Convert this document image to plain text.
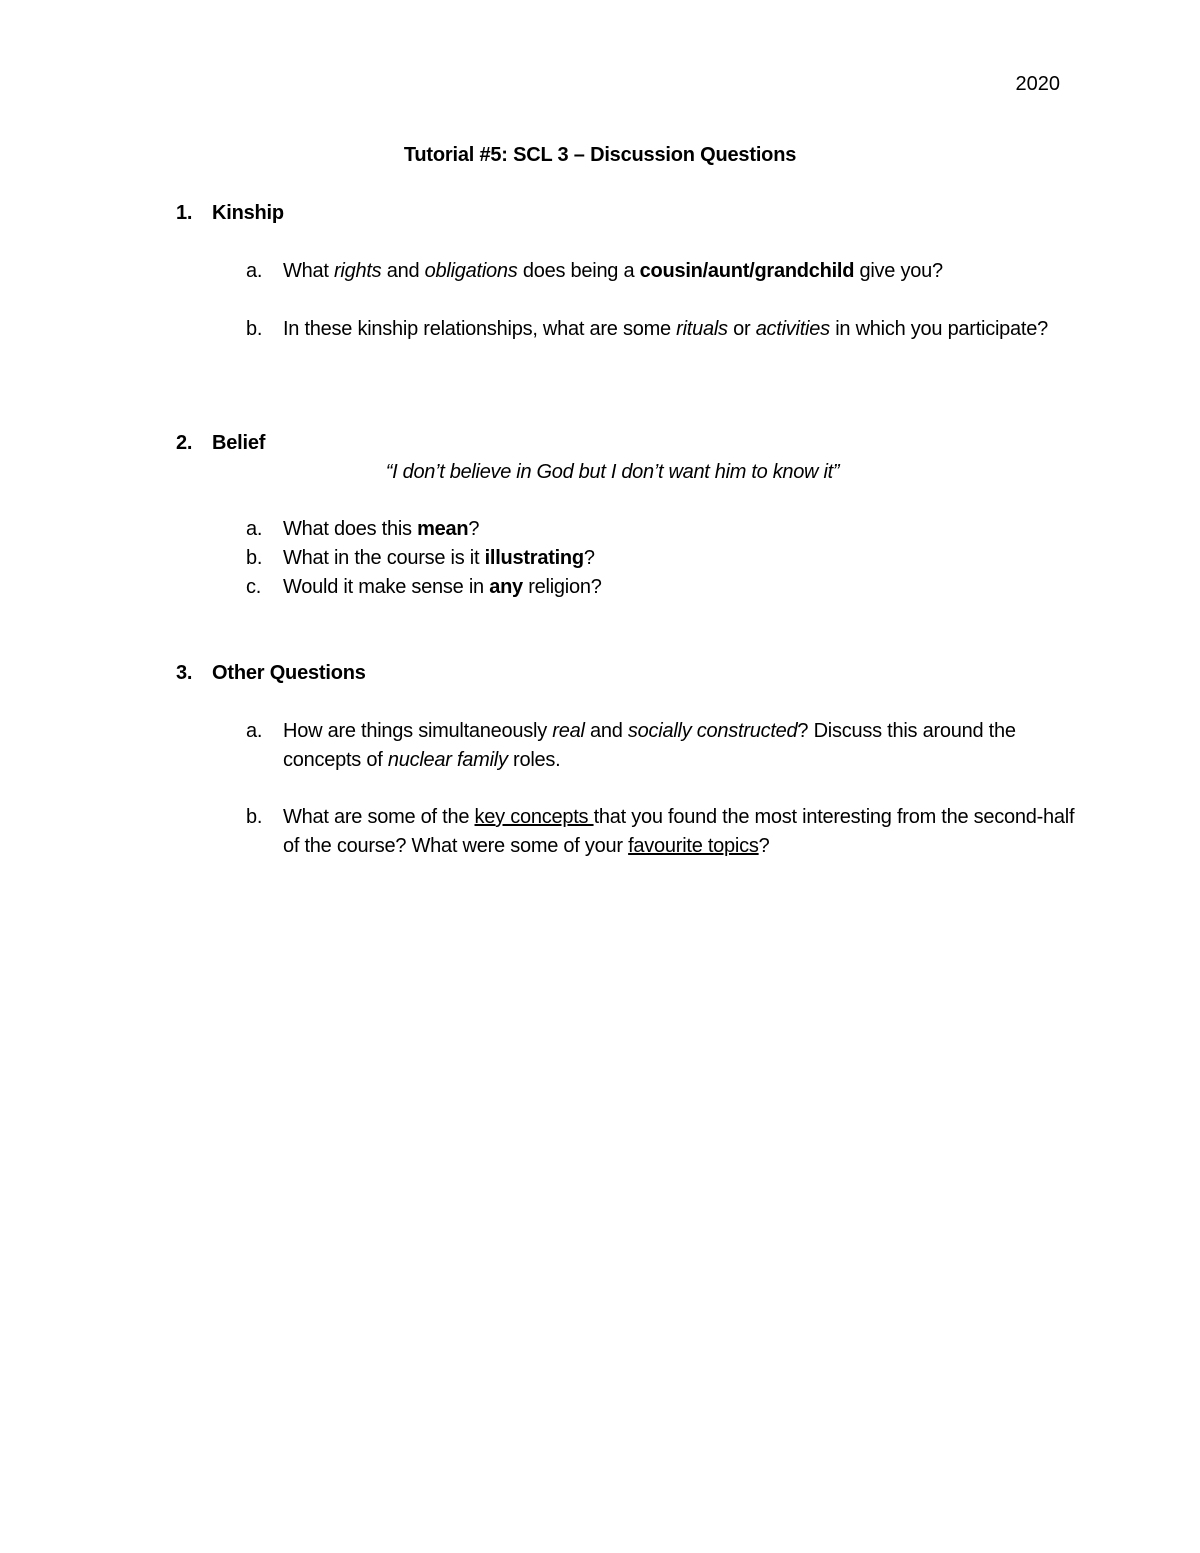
2020
Tutorial #5: SCL 3 – Discussion Questions
1. Kinship
a.	What rights and obligations does being a cousin/aunt/grandchild give you?
b.	In these kinship relationships, what are some rituals or activities in which you participate?
2. Belief
“I don’t believe in God but I don’t want him to know it”
a.	What does this mean?
b.	What in the course is it illustrating?
c.	Would it make sense in any religion?
3. Other Questions
a.	How are things simultaneously real and socially constructed? Discuss this around the concepts of nuclear family roles.
b.	What are some of the key concepts that you found the most interesting from the second-half of the course? What were some of your favourite topics?
